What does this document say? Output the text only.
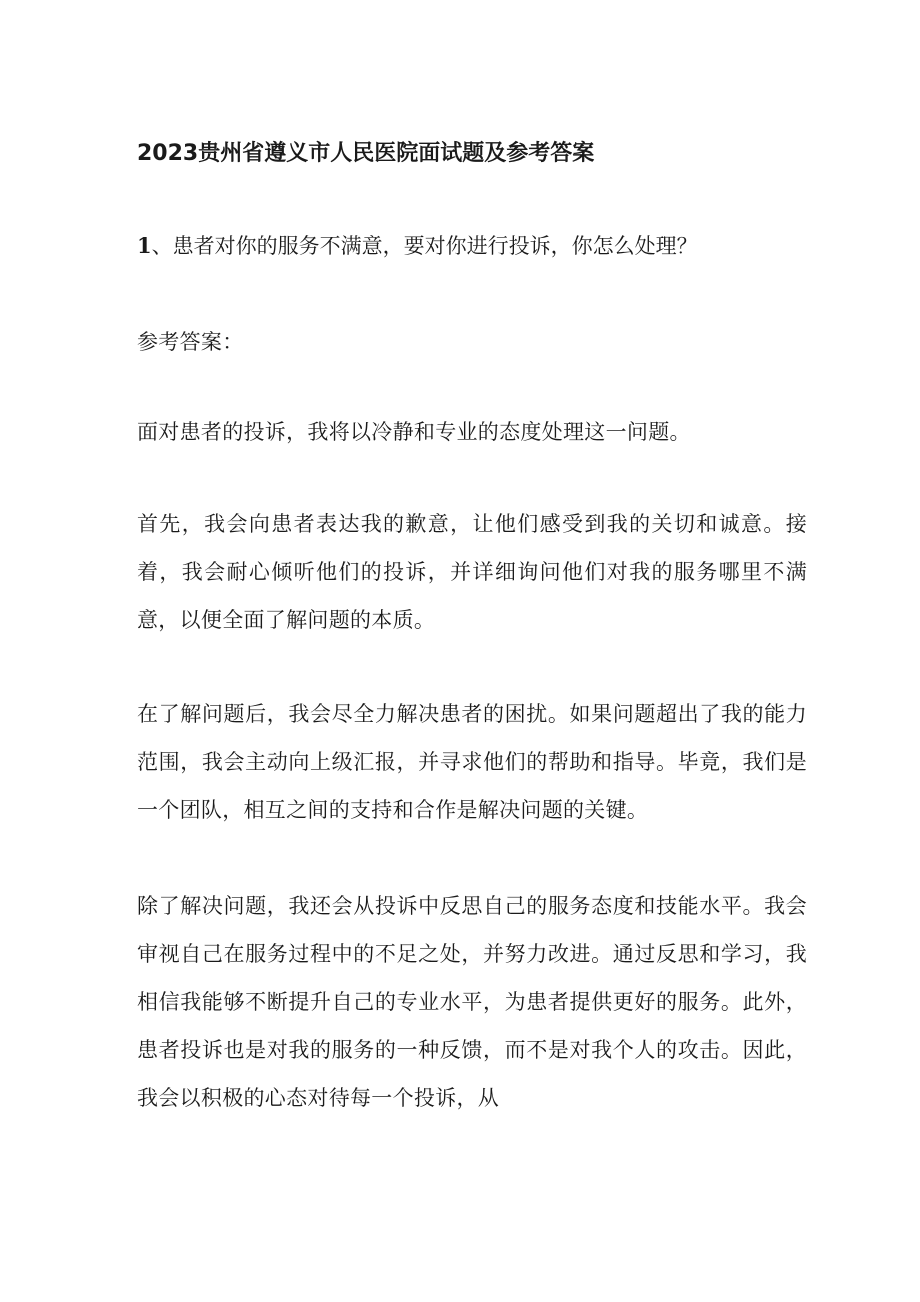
2023贵州省遵义市人民医院面试题及参考答案

1、患者对你的服务不满意，要对你进行投诉，你怎么处理？

参考答案：

面对患者的投诉，我将以冷静和专业的态度处理这一问题。

首先，我会向患者表达我的歉意，让他们感受到我的关切和诚意。接着，我会耐心倾听他们的投诉，并详细询问他们对我的服务哪里不满意，以便全面了解问题的本质。

在了解问题后，我会尽全力解决患者的困扰。如果问题超出了我的能力范围，我会主动向上级汇报，并寻求他们的帮助和指导。毕竟，我们是一个团队，相互之间的支持和合作是解决问题的关键。

除了解决问题，我还会从投诉中反思自己的服务态度和技能水平。我会审视自己在服务过程中的不足之处，并努力改进。通过反思和学习，我相信我能够不断提升自己的专业水平，为患者提供更好的服务。此外，患者投诉也是对我的服务的一种反馈，而不是对我个人的攻击。因此，我会以积极的心态对待每一个投诉，从
